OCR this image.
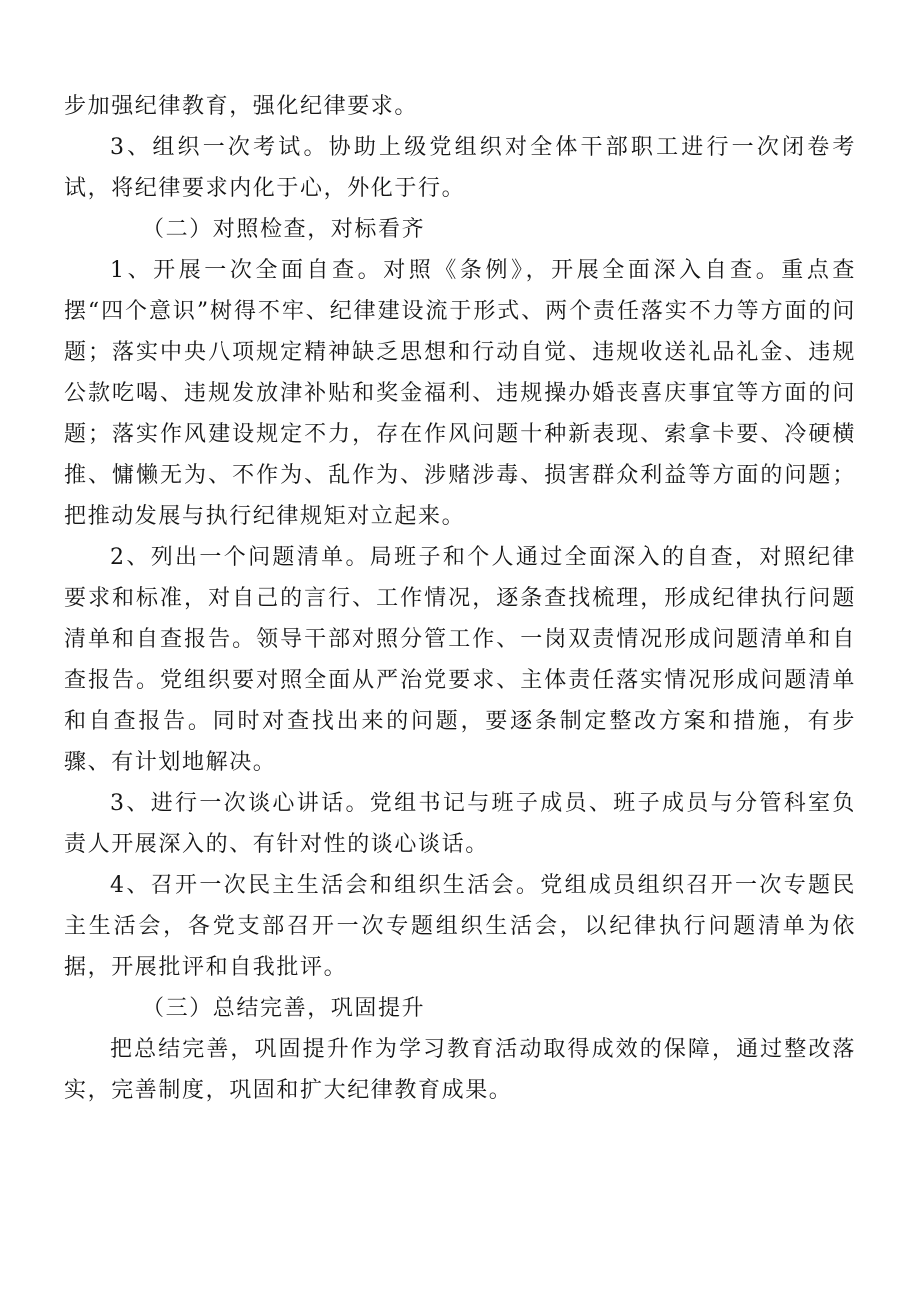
步加强纪律教育，强化纪律要求。

3、组织一次考试。协助上级党组织对全体干部职工进行一次闭卷考试，将纪律要求内化于心，外化于行。

（二）对照检查，对标看齐

1、开展一次全面自查。对照《条例》，开展全面深入自查。重点查摆“四个意识”树得不牢、纪律建设流于形式、两个责任落实不力等方面的问题；落实中央八项规定精神缺乏思想和行动自觉、违规收送礼品礼金、违规公款吃喝、违规发放津补贴和奖金福利、违规操办婚丧喜庆事宜等方面的问题；落实作风建设规定不力，存在作风问题十种新表现、索拿卡要、冷硬横推、慵懒无为、不作为、乱作为、涉赌涉毒、损害群众利益等方面的问题；把推动发展与执行纪律规矩对立起来。

2、列出一个问题清单。局班子和个人通过全面深入的自查，对照纪律要求和标准，对自己的言行、工作情况，逐条查找梳理，形成纪律执行问题清单和自查报告。领导干部对照分管工作、一岗双责情况形成问题清单和自查报告。党组织要对照全面从严治党要求、主体责任落实情况形成问题清单和自查报告。同时对查找出来的问题，要逐条制定整改方案和措施，有步骤、有计划地解决。

3、进行一次谈心讲话。党组书记与班子成员、班子成员与分管科室负责人开展深入的、有针对性的谈心谈话。

4、召开一次民主生活会和组织生活会。党组成员组织召开一次专题民主生活会，各党支部召开一次专题组织生活会，以纪律执行问题清单为依据，开展批评和自我批评。

（三）总结完善，巩固提升

把总结完善，巩固提升作为学习教育活动取得成效的保障，通过整改落实，完善制度，巩固和扩大纪律教育成果。
